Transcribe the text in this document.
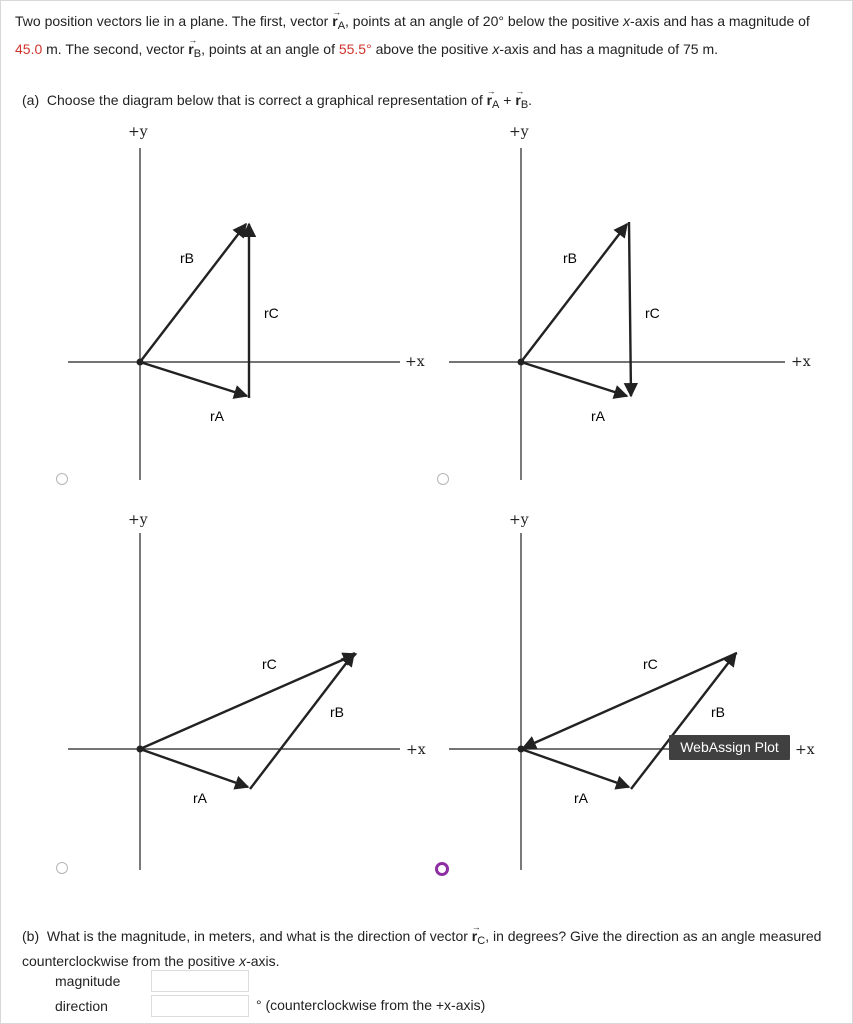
Two position vectors lie in a plane. The first, vector → $r_A$, points at an angle of 20° below the positive x-axis and has a magnitude of 45.0 m. The second, vector → $r_B$, points at an angle of 55.5° above the positive x-axis and has a magnitude of 75 m.
(a) Choose the diagram below that is correct a graphical representation of → $r_A$ + → $r_B$.
+y
+x
rB
rC
rA
+y
+x
rB
rC
rA
+y
+x
rC
rB
rA
+y
+x
rC
rB
rA
WebAssign Plot
(b) What is the magnitude, in meters, and what is the direction of vector → $r_C$, in degrees? Give the direction as an angle measured counterclockwise from the positive x-axis.
magnitude
direction	° (counterclockwise from the +x-axis)
